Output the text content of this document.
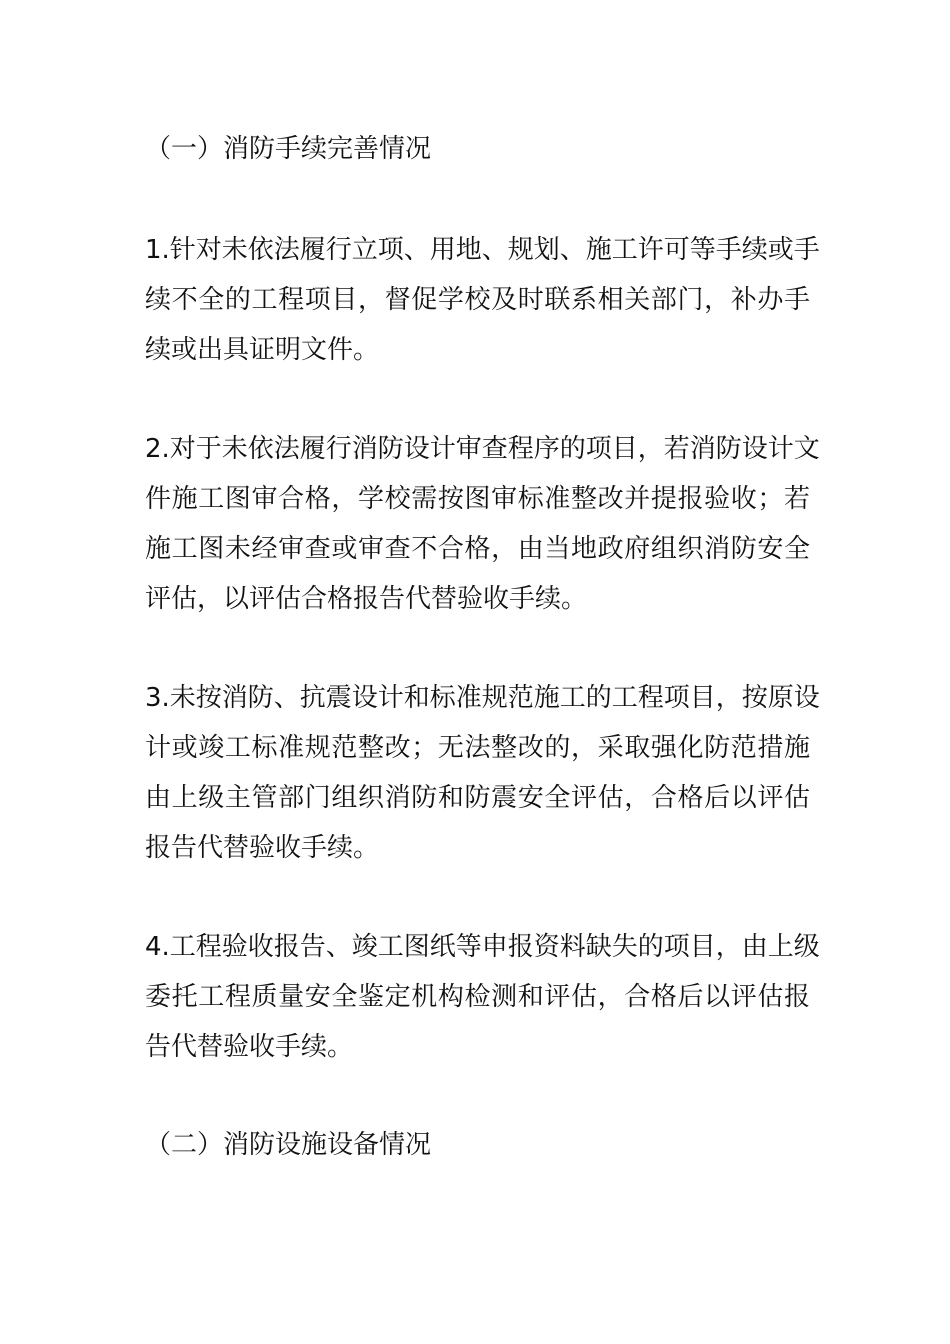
（一）消防手续完善情况
1.针对未依法履行立项、用地、规划、施工许可等手续或手
续不全的工程项目，督促学校及时联系相关部门，补办手
续或出具证明文件。
2.对于未依法履行消防设计审查程序的项目，若消防设计文
件施工图审合格，学校需按图审标准整改并提报验收；若
施工图未经审查或审查不合格，由当地政府组织消防安全
评估，以评估合格报告代替验收手续。
3.未按消防、抗震设计和标准规范施工的工程项目，按原设
计或竣工标准规范整改；无法整改的，采取强化防范措施
由上级主管部门组织消防和防震安全评估，合格后以评估
报告代替验收手续。
4.工程验收报告、竣工图纸等申报资料缺失的项目，由上级
委托工程质量安全鉴定机构检测和评估，合格后以评估报
告代替验收手续。
（二）消防设施设备情况
